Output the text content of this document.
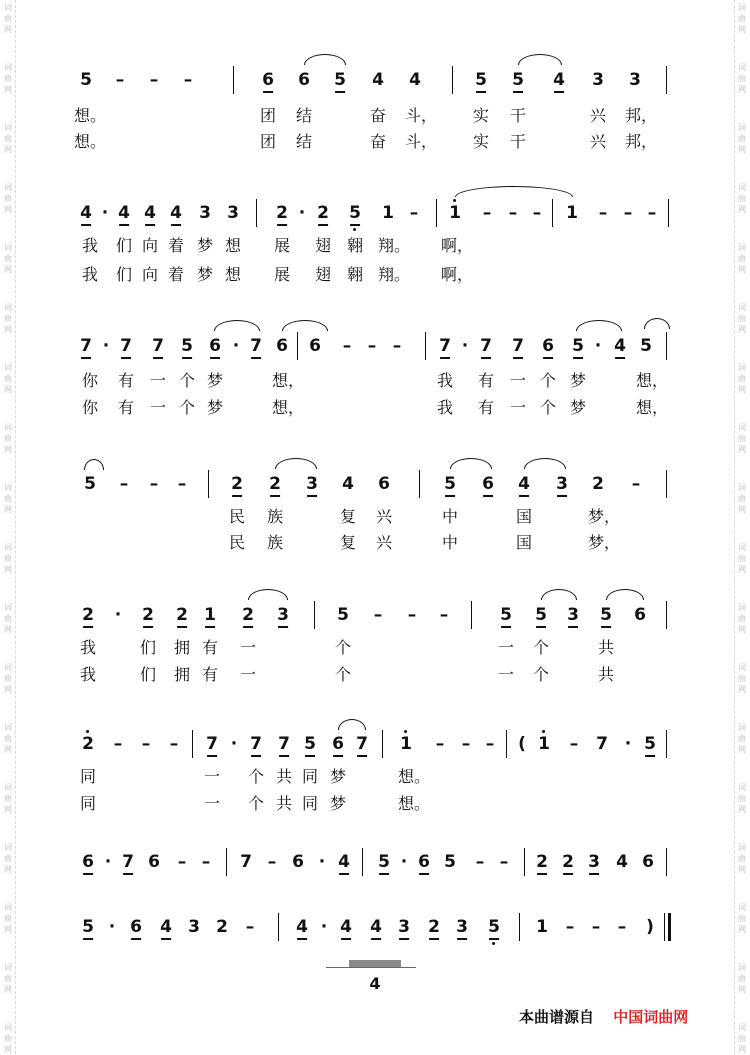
词
曲
网
词
曲
网
词
曲
网
词
曲
网
词
曲
网
词
曲
网
词
曲
网
词
曲
网
词
曲
网
词
曲
网
词
曲
网
词
曲
网
词
曲
网
词
曲
网
词
曲
网
词
曲
网
词
曲
网
词
曲
网
词
曲
网
词
曲
网
词
曲
网
词
曲
网
词
曲
网
词
曲
网
词
曲
网
词
曲
网
词
曲
网
词
曲
网
词
曲
网
词
曲
网
词
曲
网
词
曲
网
词
曲
网
词
曲
网
词
曲
网
词
曲
网
5 – – –	6 6 5 4 4	5 5 4 3 3
想。	团 结	奋 斗， 实 干	兴 邦，
想。	团 结	奋 斗， 实 干	兴 邦，
4 · 4 4 4 3 3 2 · 2 5 1 – 1 – – – 1 – – –
我 们 向 着 梦 想 展 翅 翱 翔。 啊，
我 们 向 着 梦 想 展 翅 翱 翔。 啊，
7 · 7 7 5 6 · 7 6 6 – – – 7 · 7 7 6 5 · 4 5
你 有 一 个 梦	想，	我 有 一 个 梦	想，
你 有 一 个 梦	想，	我 有 一 个 梦	想，
5 – – –	2 2 3 4 6	5 6 4 3 2 –
民 族	复 兴	中	国	梦，
民 族	复 兴	中	国	梦，
2 · 2 2 1 2 3	5 – – –	5 5 3 5 6
我	们 拥 有 一	个	一 个	共
我	们 拥 有 一	个	一 个	共
2 – – – 7 · 7 7 5 6 7 1 – – – ( 1 – 7 · 5
同	一 个 共 同 梦	想。
同	一 个 共 同 梦	想。
6 · 7 6 – – 7 – 6 · 4 5 · 6 5 – – 2 2 3 4 6
5 · 6 4 3 2 – 4 · 4 4 3 2 3 5 1 – – – )
4
本曲谱源自 中国词曲网
